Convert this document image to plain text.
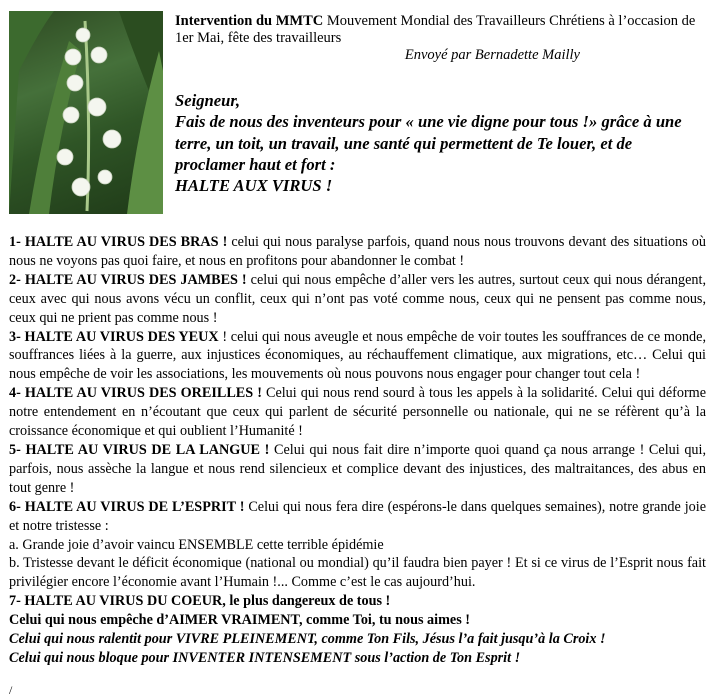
Intervention du MMTC Mouvement Mondial des Travailleurs Chrétiens à l’occasion de 1er Mai, fête des travailleurs
Envoyé par Bernadette Mailly
Seigneur,
Fais de nous des inventeurs pour « une vie digne pour tous !» grâce à une terre, un toit, un travail, une santé qui permettent de Te louer, et de proclamer haut et fort :
HALTE AUX VIRUS !

1- HALTE AU VIRUS DES BRAS ! celui qui nous paralyse parfois, quand nous nous trouvons devant des situations où nous ne voyons pas quoi faire, et nous en profitons pour abandonner le combat !

2- HALTE AU VIRUS DES JAMBES ! celui qui nous empêche d’aller vers les autres, surtout ceux qui nous dérangent, ceux avec qui nous avons vécu un conflit, ceux qui n’ont pas voté comme nous, ceux qui ne pensent pas comme nous, ceux qui ne prient pas comme nous !

3- HALTE AU VIRUS DES YEUX ! celui qui nous aveugle et nous empêche de voir toutes les souffrances de ce monde, souffrances liées à la guerre, aux injustices économiques, au réchauffement climatique, aux migrations, etc… Celui qui nous empêche de voir les associations, les mouvements où nous pouvons nous engager pour changer tout cela !

4- HALTE AU VIRUS DES OREILLES ! Celui qui nous rend sourd à tous les appels à la solidarité. Celui qui déforme notre entendement en n’écoutant que ceux qui parlent de sécurité personnelle ou nationale, qui ne se réfèrent qu’à la croissance économique et qui oublient l’Humanité !

5- HALTE AU VIRUS DE LA LANGUE ! Celui qui nous fait dire n’importe quoi quand ça nous arrange ! Celui qui, parfois, nous assèche la langue et nous rend silencieux et complice devant des injustices, des maltraitances, des abus en tout genre !

6- HALTE AU VIRUS DE L’ESPRIT ! Celui qui nous fera dire (espérons-le dans quelques semaines), notre grande joie et notre tristesse :

a. Grande joie d’avoir vaincu ENSEMBLE cette terrible épidémie

b. Tristesse devant le déficit économique (national ou mondial) qu’il faudra bien payer ! Et si ce virus de l’Esprit nous fait privilégier encore l’économie avant l’Humain !... Comme c’est le cas aujourd’hui.

7- HALTE AU VIRUS DU COEUR, le plus dangereux de tous !

Celui qui nous empêche d’AIMER VRAIMENT, comme Toi, tu nous aimes !

Celui qui nous ralentit pour VIVRE PLEINEMENT, comme Ton Fils, Jésus l’a fait jusqu’à la Croix !

Celui qui nous bloque pour INVENTER INTENSEMENT sous l’action de Ton Esprit !

/
